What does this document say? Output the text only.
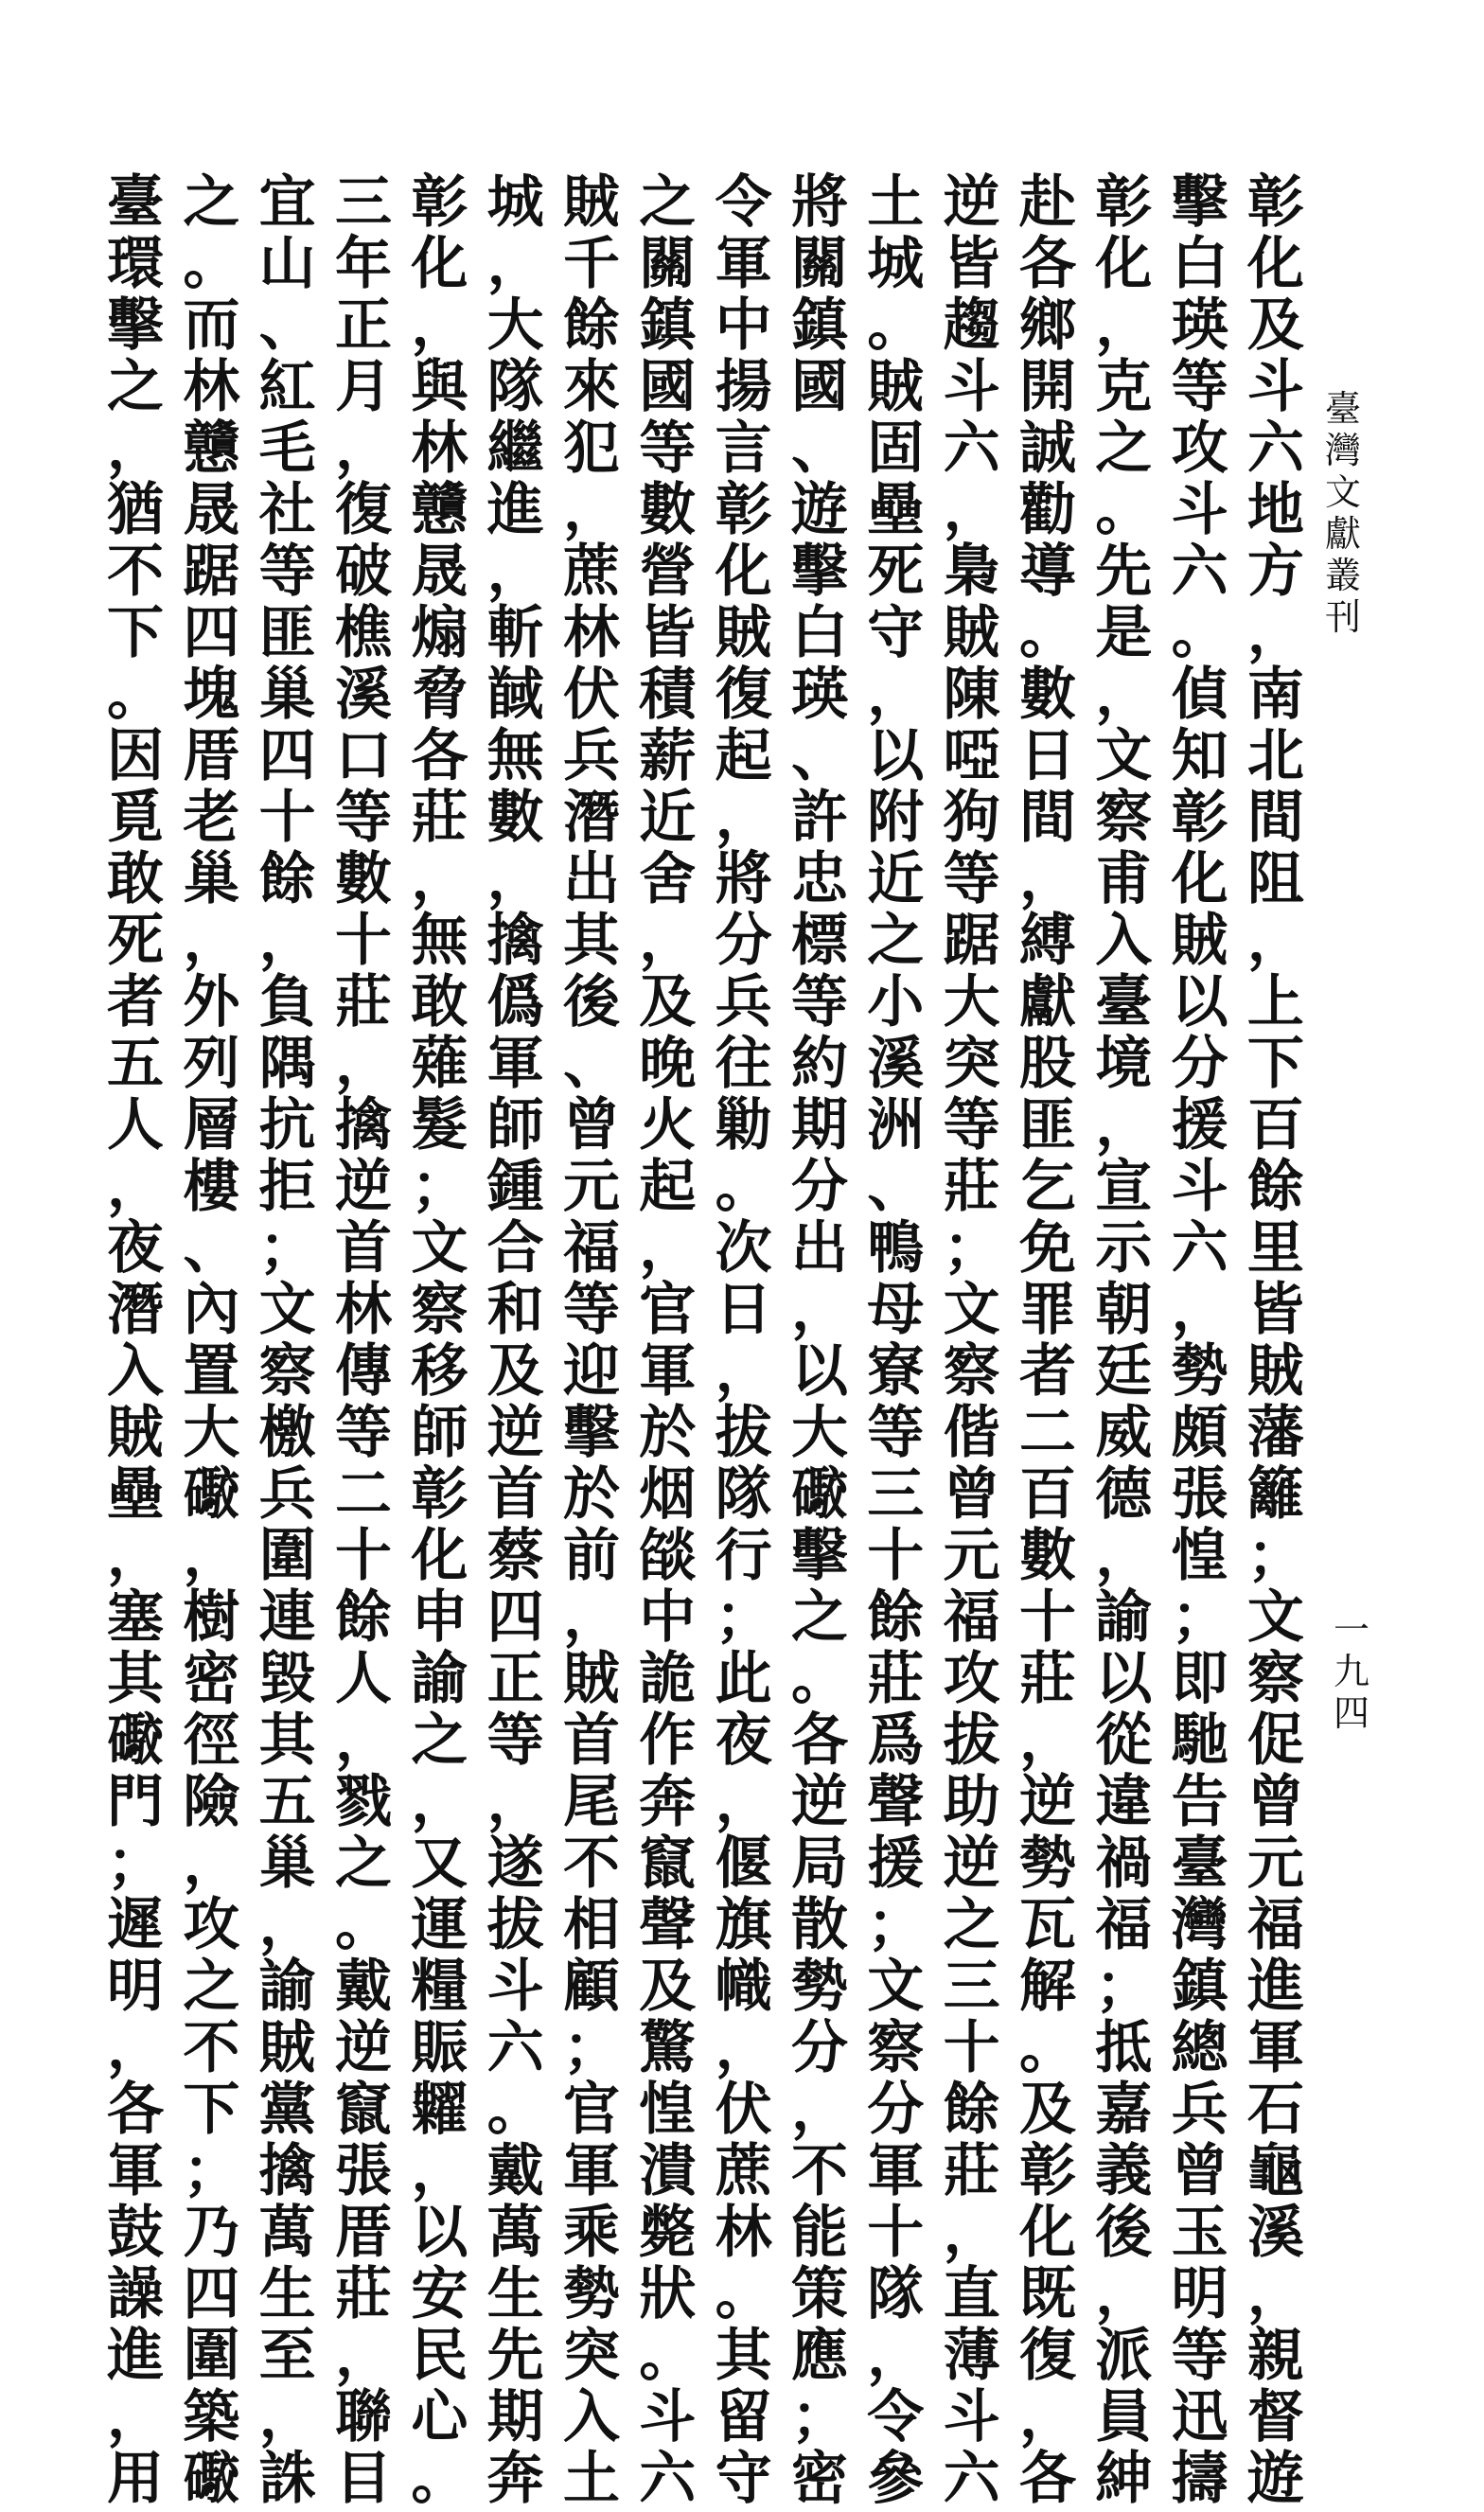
臺灣文獻叢刊
一九四
彰化及斗六地方，南北間阻，上下百餘里皆賊藩籬；文察促曾元福進軍石龜溪，親督遊
擊白瑛等攻斗六。偵知彰化賊以分援斗六，勢頗張惶；即馳告臺灣鎮總兵曾玉明等迅擣
彰化，克之。先是，文察甫入臺境，宣示朝廷威德，諭以從違禍福；抵嘉義後，派員紳
赴各鄉開誠勸導。數日間，縛獻股匪乞免罪者二百數十莊，逆勢瓦解。及彰化既復，各
逆皆趨斗六，梟賊陳啞狗等踞大突等莊；文察偕曾元福攻拔助逆之三十餘莊，直薄斗六
土城。賊固壘死守，以附近之小溪洲、鴨母寮等三十餘莊爲聲援；文察分軍十隊，令參
將關鎮國、遊擊白瑛、許忠標等約期分出，以大礮擊之。各逆局散勢分，不能策應；密
令軍中揚言彰化賊復起，將分兵往勦。次日，拔隊行；此夜，偃旗幟，伏蔗林。其留守
之關鎮國等數營皆積薪近舍，及晚火起，官軍於烟燄中詭作奔竄聲及驚惶潰斃狀。斗六
賊千餘來犯，蔗林伏兵潛出其後、曾元福等迎擊於前，賊首尾不相顧；官軍乘勢突入土
城，大隊繼進，斬馘無數，擒僞軍師鍾合和及逆首蔡四正等，遂拔斗六。戴萬生先期奔
彰化，與林戇晟煽脅各莊，無敢薙髮；文察移師彰化申諭之，又運糧賑糶，以安民心。
三年正月，復破樵溪口等數十莊，擒逆首林傳等二十餘人，戮之。戴逆竄張厝莊，聯目
宜山、紅毛社等匪巢四十餘，負隅抗拒；文察檄兵圍連毀其五巢，諭賊黨擒萬生至，誅
之。而林戇晟踞四塊厝老巢，外列層樓、內置大礮，樹密徑險，攻之不下；乃四圍築礮
臺環擊之，猶不下。因覓敢死者五人，夜潛入賊壘，塞其礮門；遲明，各軍鼓譟進，用
